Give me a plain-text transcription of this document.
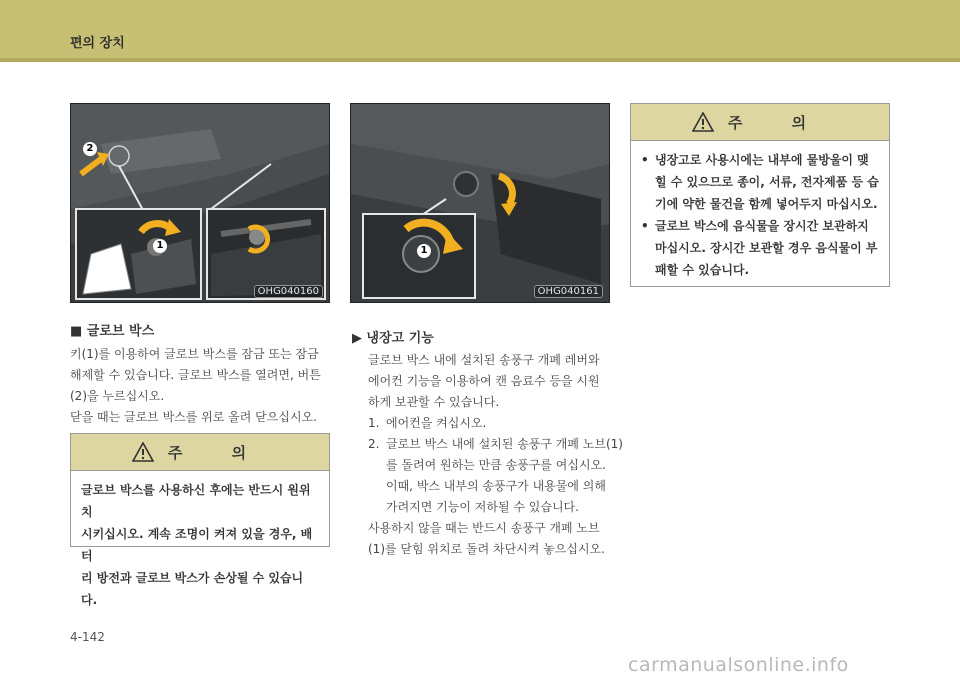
편의 장치
2
1
OHG040160
1
OHG040161
■ 글로브 박스

키(1)를 이용하여 글로브 박스를 잠금 또는 잠금

해제할 수 있습니다. 글로브 박스를 열려면, 버튼

(2)을 누르십시오.

닫을 때는 글로브 박스를 위로 올려 닫으십시오.

주 의
글로브 박스를 사용하신 후에는 반드시 원위치
시키십시오. 계속 조명이 켜져 있을 경우, 배터
리 방전과 글로브 박스가 손상될 수 있습니다.
▶ 냉장고 기능

글로브 박스 내에 설치된 송풍구 개폐 레버와

에어컨 기능을 이용하여 캔 음료수 등을 시원

하게 보관할 수 있습니다.

1. 에어컨을 켜십시오.
2. 글로브 박스 내에 설치된 송풍구 개폐 노브(1)
를 돌려여 원하는 만큼 송풍구를 여십시오.
이때, 박스 내부의 송풍구가 내용물에 의해
가려지면 기능이 저하될 수 있습니다.

사용하지 않을 때는 반드시 송풍구 개폐 노브

(1)를 닫힘 위치로 돌려 차단시켜 놓으십시오.

주 의
• 냉장고로 사용시에는 내부에 물방울이 맺
힐 수 있으므로 종이, 서류, 전자제품 등 습
기에 약한 물건을 함께 넣어두지 마십시오.
• 글로브 박스에 음식물을 장시간 보관하지
마십시오. 장시간 보관할 경우 음식물이 부
패할 수 있습니다.
4-142
carmanualsonline.info
